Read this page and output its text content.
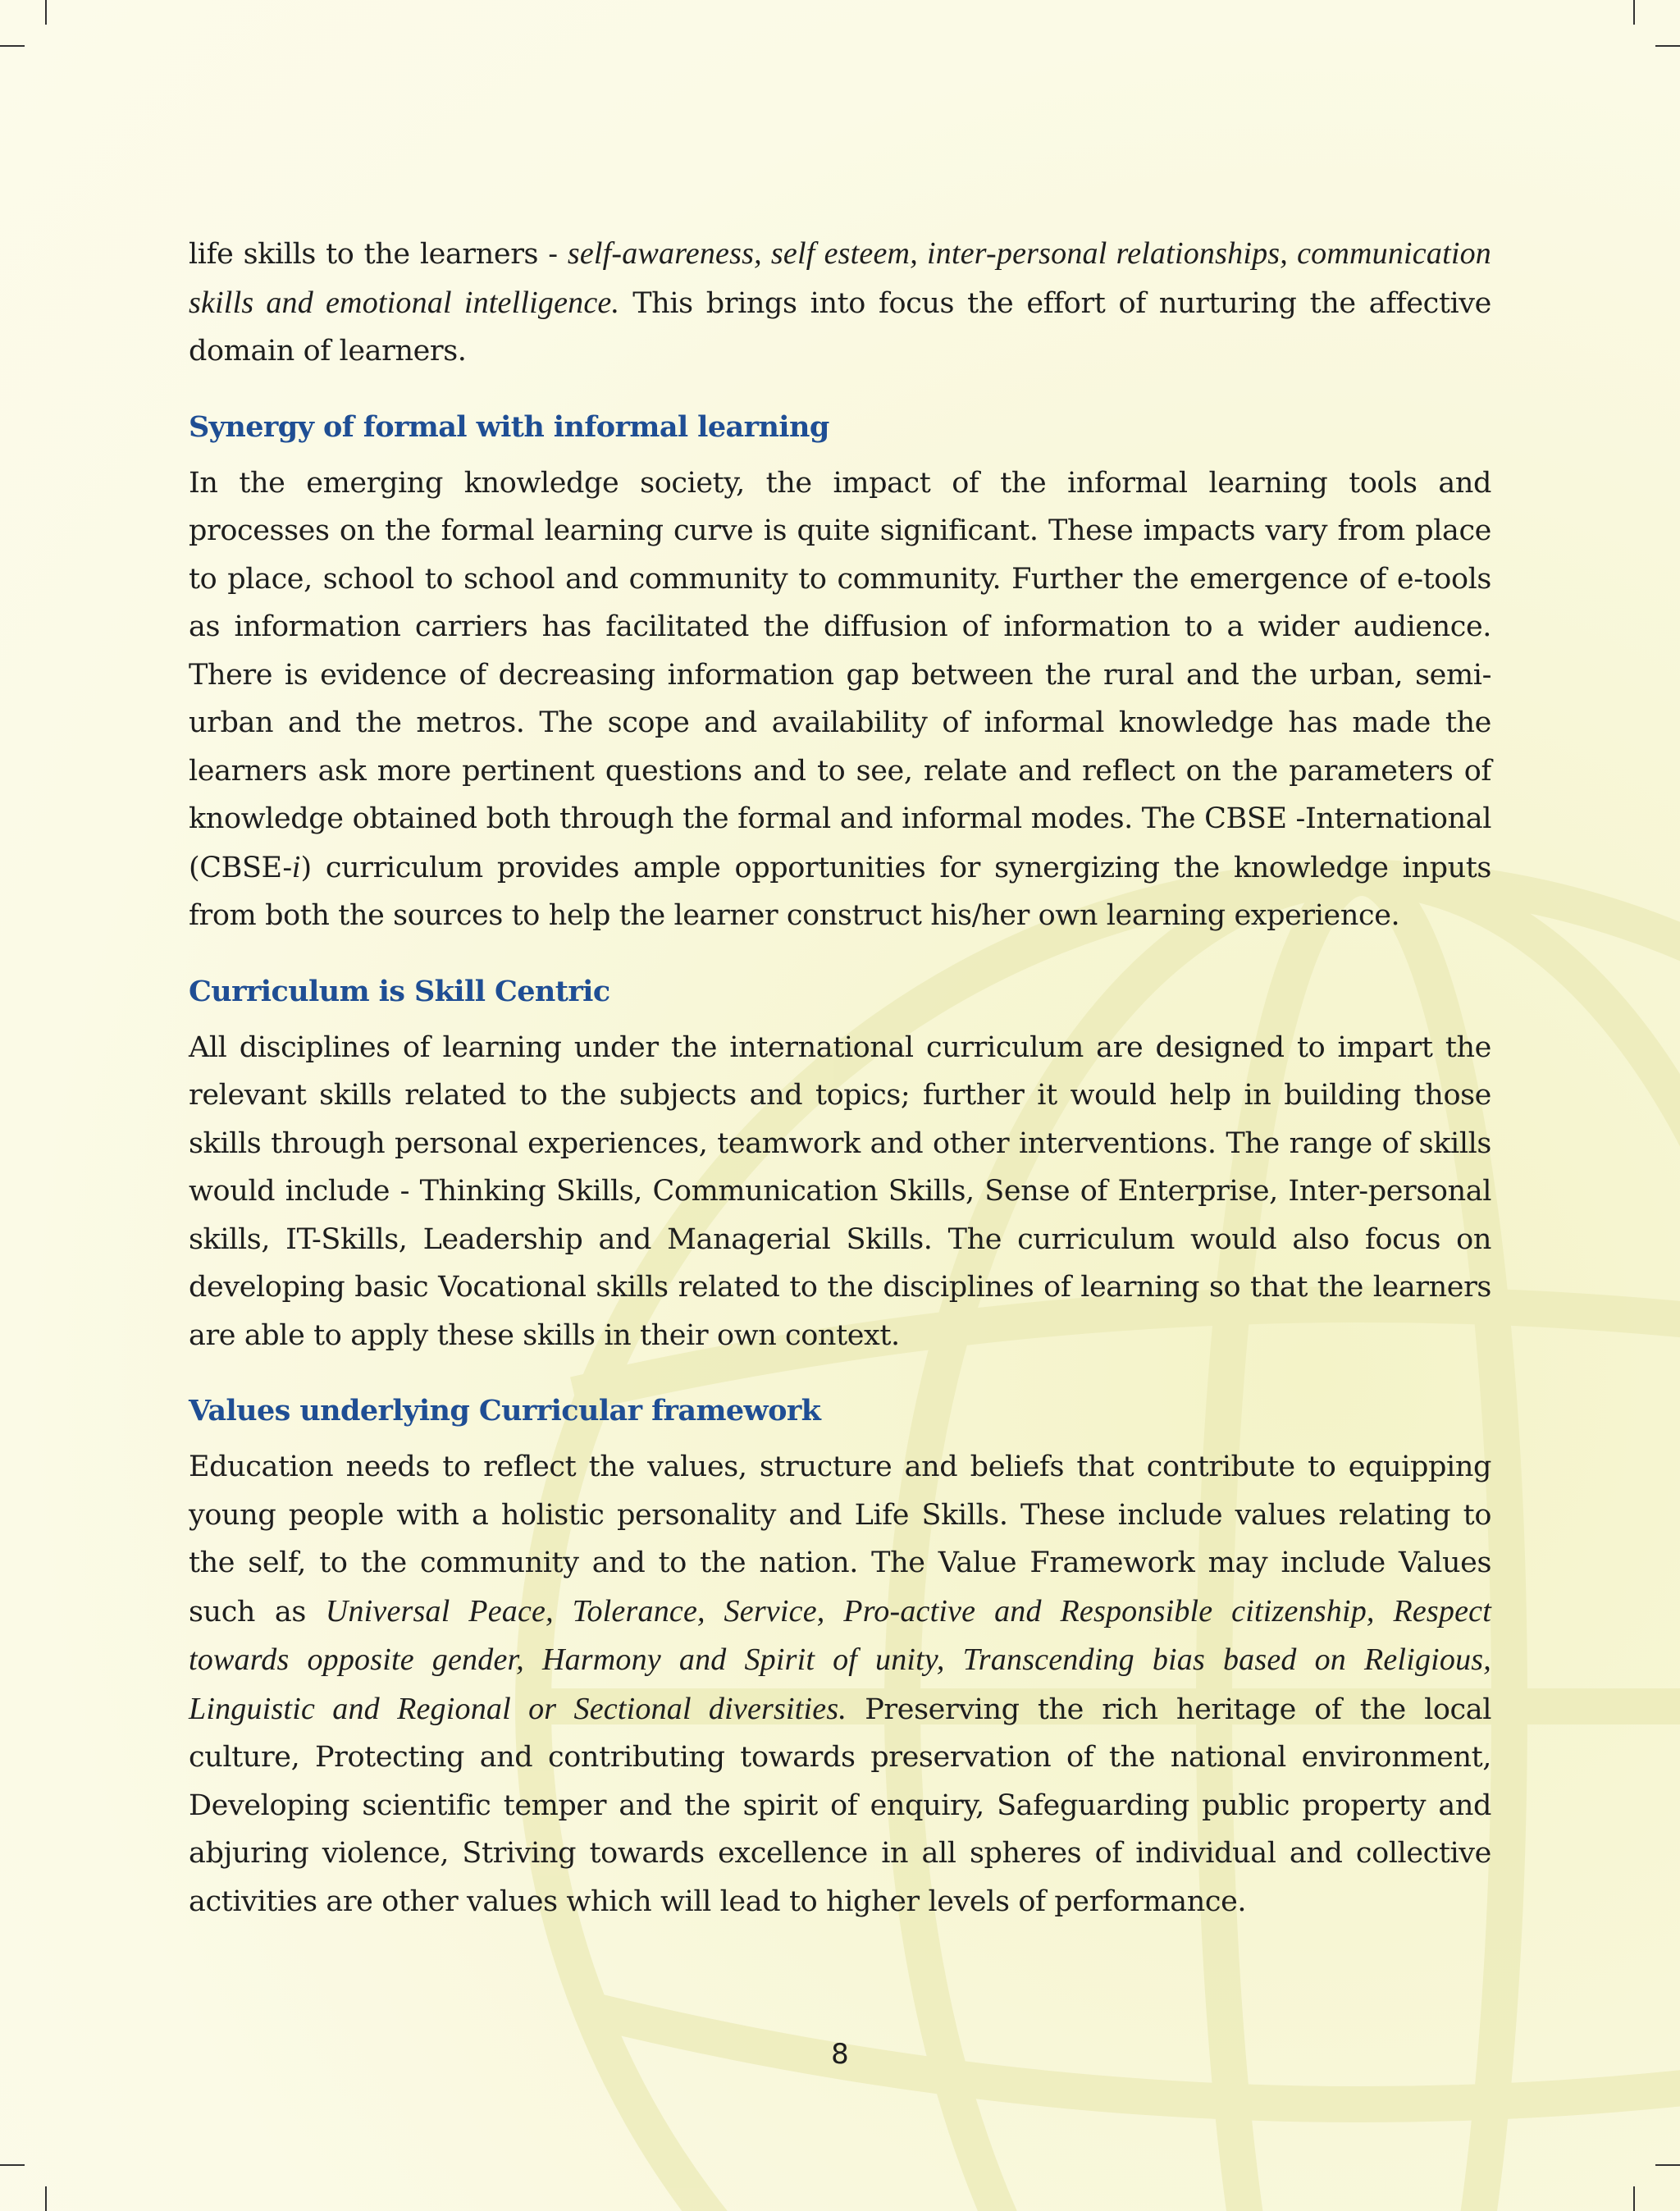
life skills to the learners - self-awareness, self esteem, inter-personal relationships, communication skills and emotional intelligence. This brings into focus the effort of nurturing the affective domain of learners.

Synergy of formal with informal learning

In the emerging knowledge society, the impact of the informal learning tools and processes on the formal learning curve is quite significant. These impacts vary from place to place, school to school and community to community. Further the emergence of e-tools as information carriers has facilitated the diffusion of information to a wider audience. There is evidence of decreasing information gap between the rural and the urban, semi-urban and the metros. The scope and availability of informal knowledge has made the learners ask more pertinent questions and to see, relate and reflect on the parameters of knowledge obtained both through the formal and informal modes. The CBSE -International (CBSE-i) curriculum provides ample opportunities for synergizing the knowledge inputs from both the sources to help the learner construct his/her own learning experience.

Curriculum is Skill Centric

All disciplines of learning under the international curriculum are designed to impart the relevant skills related to the subjects and topics; further it would help in building those skills through personal experiences, teamwork and other interventions. The range of skills would include - Thinking Skills, Communication Skills, Sense of Enterprise, Inter-personal skills, IT-Skills, Leadership and Managerial Skills. The curriculum would also focus on developing basic Vocational skills related to the disciplines of learning so that the learners are able to apply these skills in their own context.

Values underlying Curricular framework

Education needs to reflect the values, structure and beliefs that contribute to equipping young people with a holistic personality and Life Skills. These include values relating to the self, to the community and to the nation. The Value Framework may include Values such as Universal Peace, Tolerance, Service, Pro-active and Responsible citizenship, Respect towards opposite gender, Harmony and Spirit of unity, Transcending bias based on Religious, Linguistic and Regional or Sectional diversities. Preserving the rich heritage of the local culture, Protecting and contributing towards preservation of the national environment, Developing scientific temper and the spirit of enquiry, Safeguarding public property and abjuring violence, Striving towards excellence in all spheres of individual and collective activities are other values which will lead to higher levels of performance.

8
